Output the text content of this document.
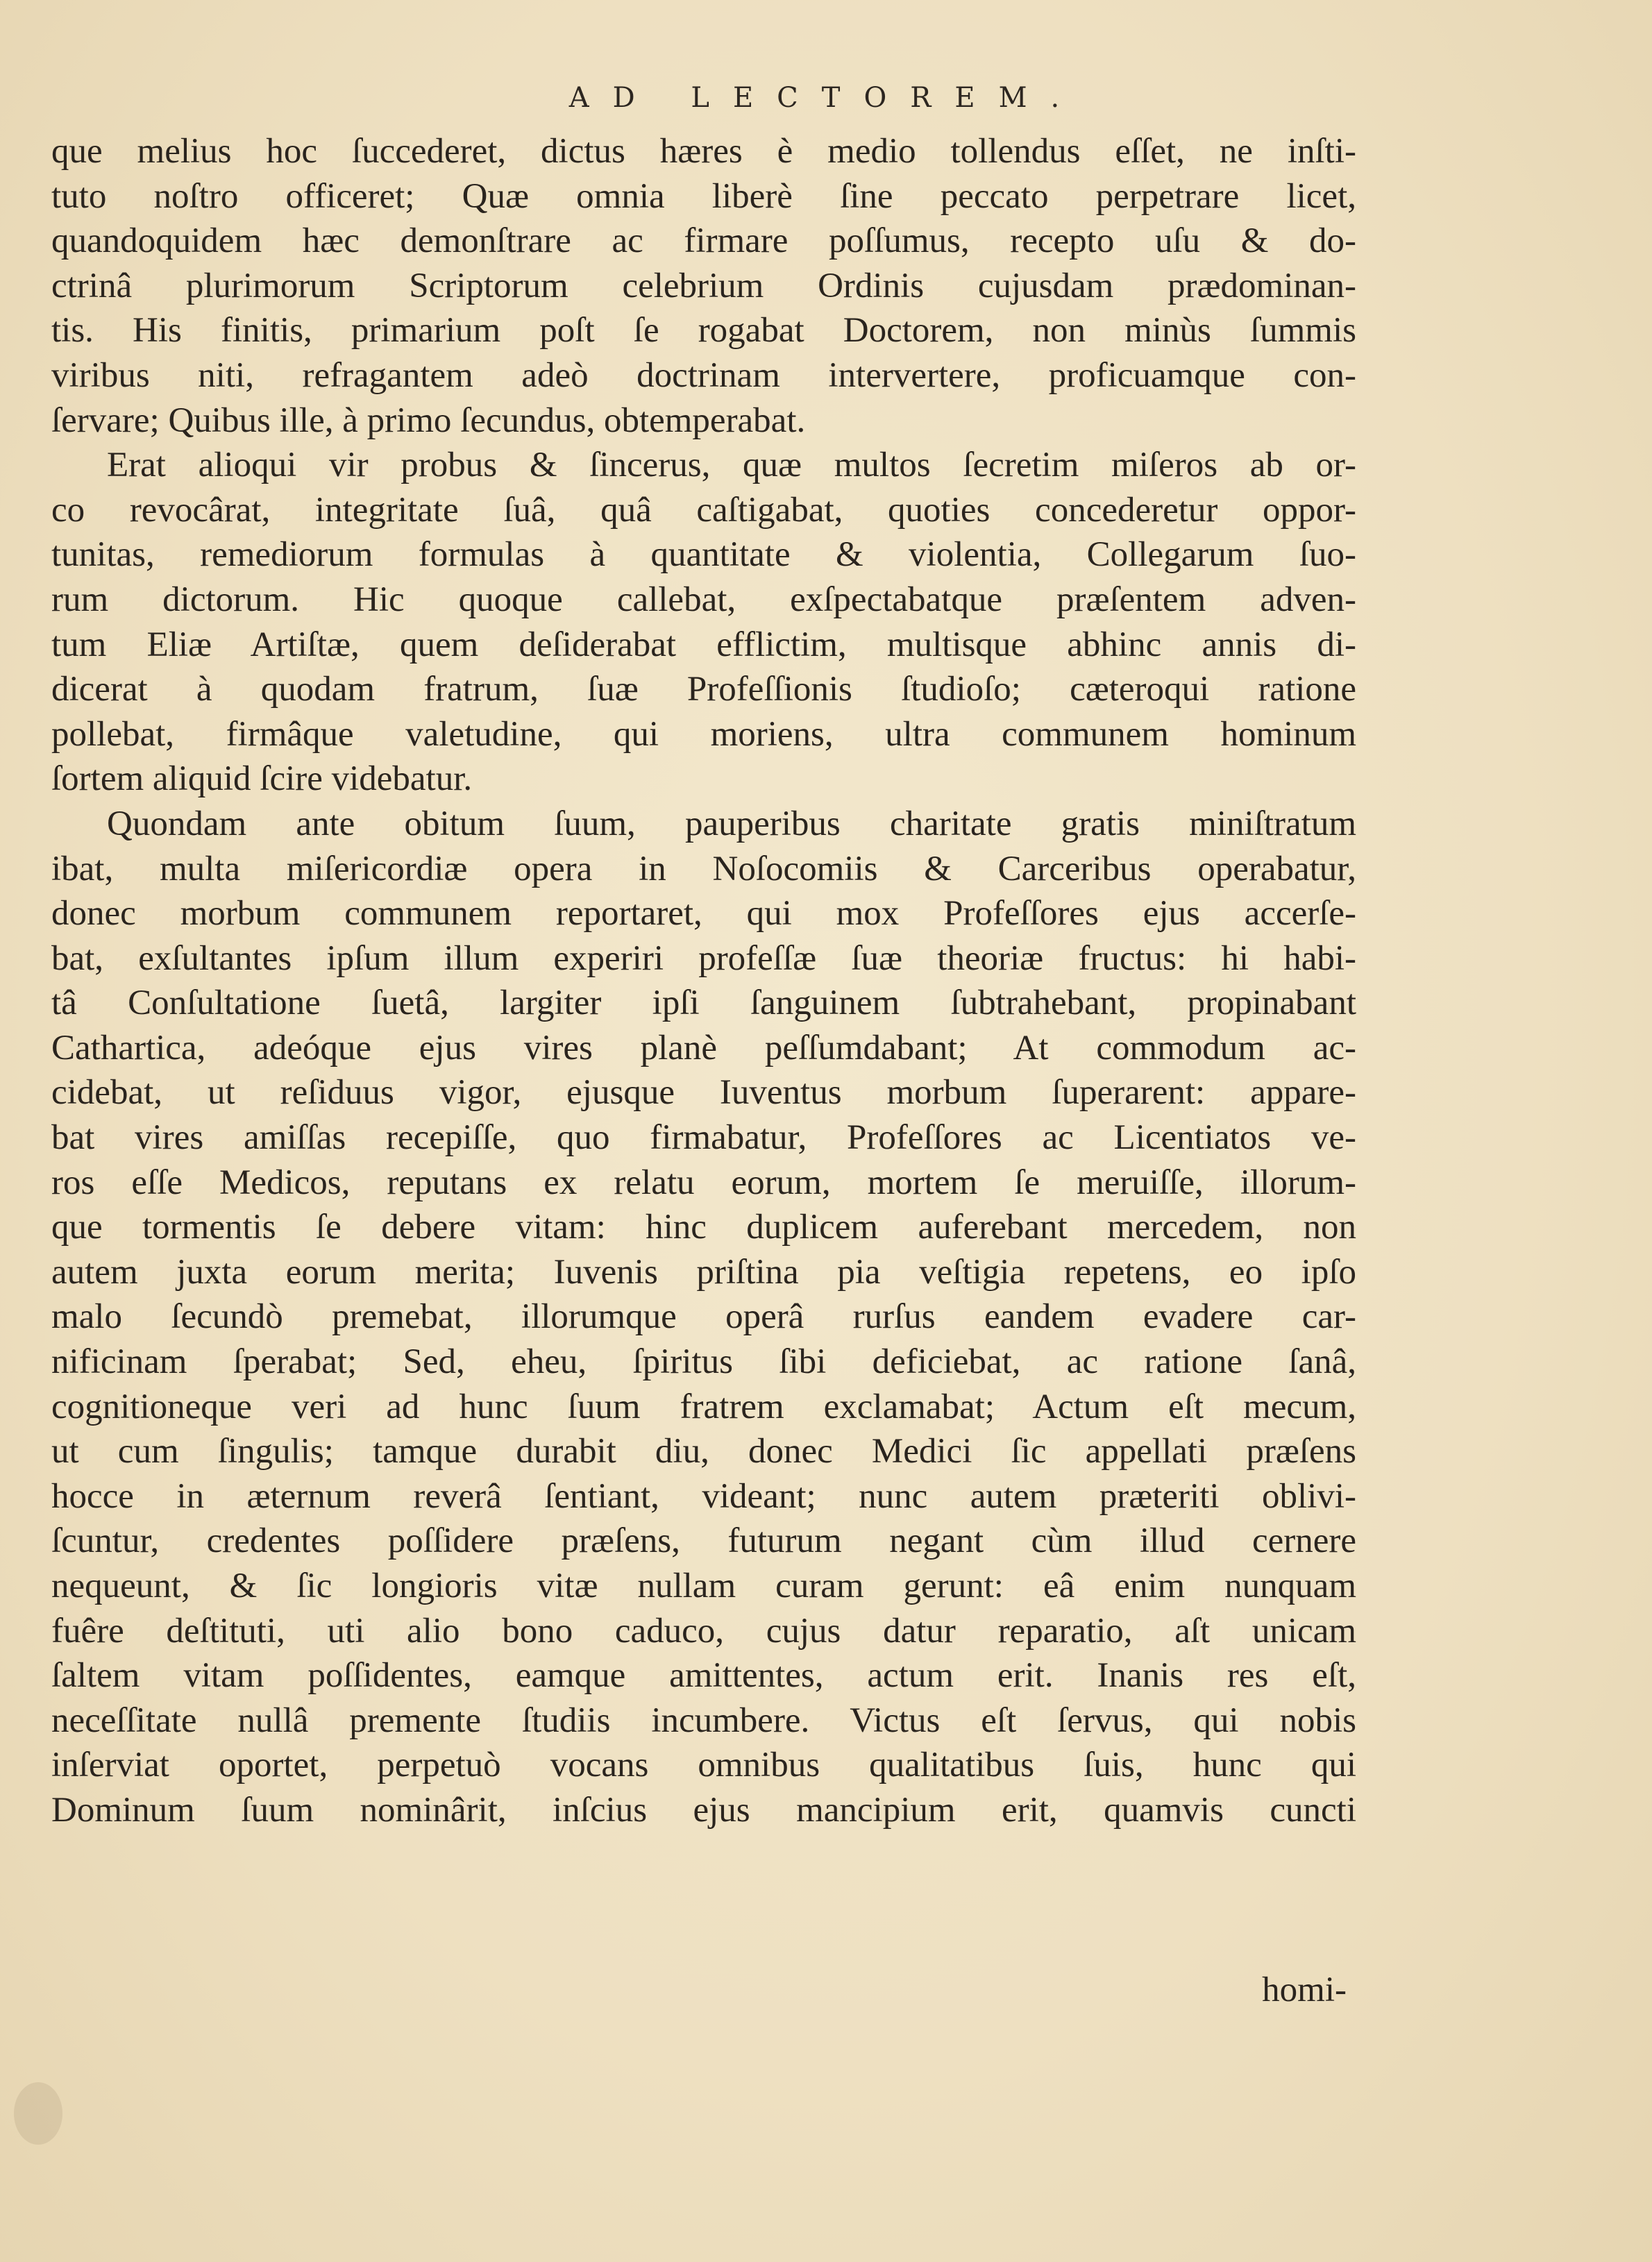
AD LECTOREM.
que melius hoc ſuccederet, dictus hæres è medio tollendus eſſet, ne inſti-
tuto noſtro officeret; Quæ omnia liberè ſine peccato perpetrare licet,
quandoquidem hæc demonſtrare ac firmare poſſumus, recepto uſu & do-
ctrinâ plurimorum Scriptorum celebrium Ordinis cujusdam prædominan-
tis. His finitis, primarium poſt ſe rogabat Doctorem, non minùs ſummis
viribus niti, refragantem adeò doctrinam intervertere, proficuamque con-
ſervare; Quibus ille, à primo ſecundus, obtemperabat.
Erat alioqui vir probus & ſincerus, quæ multos ſecretim miſeros ab or-
co revocârat, integritate ſuâ, quâ caſtigabat, quoties concederetur oppor-
tunitas, remediorum formulas à quantitate & violentia, Collegarum ſuo-
rum dictorum. Hic quoque callebat, exſpectabatque præſentem adven-
tum Eliæ Artiſtæ, quem deſiderabat efflictim, multisque abhinc annis di-
dicerat à quodam fratrum, ſuæ Profeſſionis ſtudioſo; cæteroqui ratione
pollebat, firmâque valetudine, qui moriens, ultra communem hominum
ſortem aliquid ſcire videbatur.
Quondam ante obitum ſuum, pauperibus charitate gratis miniſtratum
ibat, multa miſericordiæ opera in Noſocomiis & Carceribus operabatur,
donec morbum communem reportaret, qui mox Profeſſores ejus accerſe-
bat, exſultantes ipſum illum experiri profeſſæ ſuæ theoriæ fructus: hi habi-
tâ Conſultatione ſuetâ, largiter ipſi ſanguinem ſubtrahebant, propinabant
Cathartica, adeóque ejus vires planè peſſumdabant; At commodum ac-
cidebat, ut reſiduus vigor, ejusque Iuventus morbum ſuperarent: appare-
bat vires amiſſas recepiſſe, quo firmabatur, Profeſſores ac Licentiatos ve-
ros eſſe Medicos, reputans ex relatu eorum, mortem ſe meruiſſe, illorum-
que tormentis ſe debere vitam: hinc duplicem auferebant mercedem, non
autem juxta eorum merita; Iuvenis priſtina pia veſtigia repetens, eo ipſo
malo ſecundò premebat, illorumque operâ rurſus eandem evadere car-
nificinam ſperabat; Sed, eheu, ſpiritus ſibi deficiebat, ac ratione ſanâ,
cognitioneque veri ad hunc ſuum fratrem exclamabat; Actum eſt mecum,
ut cum ſingulis; tamque durabit diu, donec Medici ſic appellati præſens
hocce in æternum reverâ ſentiant, videant; nunc autem præteriti oblivi-
ſcuntur, credentes poſſidere præſens, futurum negant cùm illud cernere
nequeunt, & ſic longioris vitæ nullam curam gerunt: eâ enim nunquam
fuêre deſtituti, uti alio bono caduco, cujus datur reparatio, aſt unicam
ſaltem vitam poſſidentes, eamque amittentes, actum erit. Inanis res eſt,
neceſſitate nullâ premente ſtudiis incumbere. Victus eſt ſervus, qui nobis
inſerviat oportet, perpetuò vocans omnibus qualitatibus ſuis, hunc qui
Dominum ſuum nominârit, inſcius ejus mancipium erit, quamvis cuncti
homi-
